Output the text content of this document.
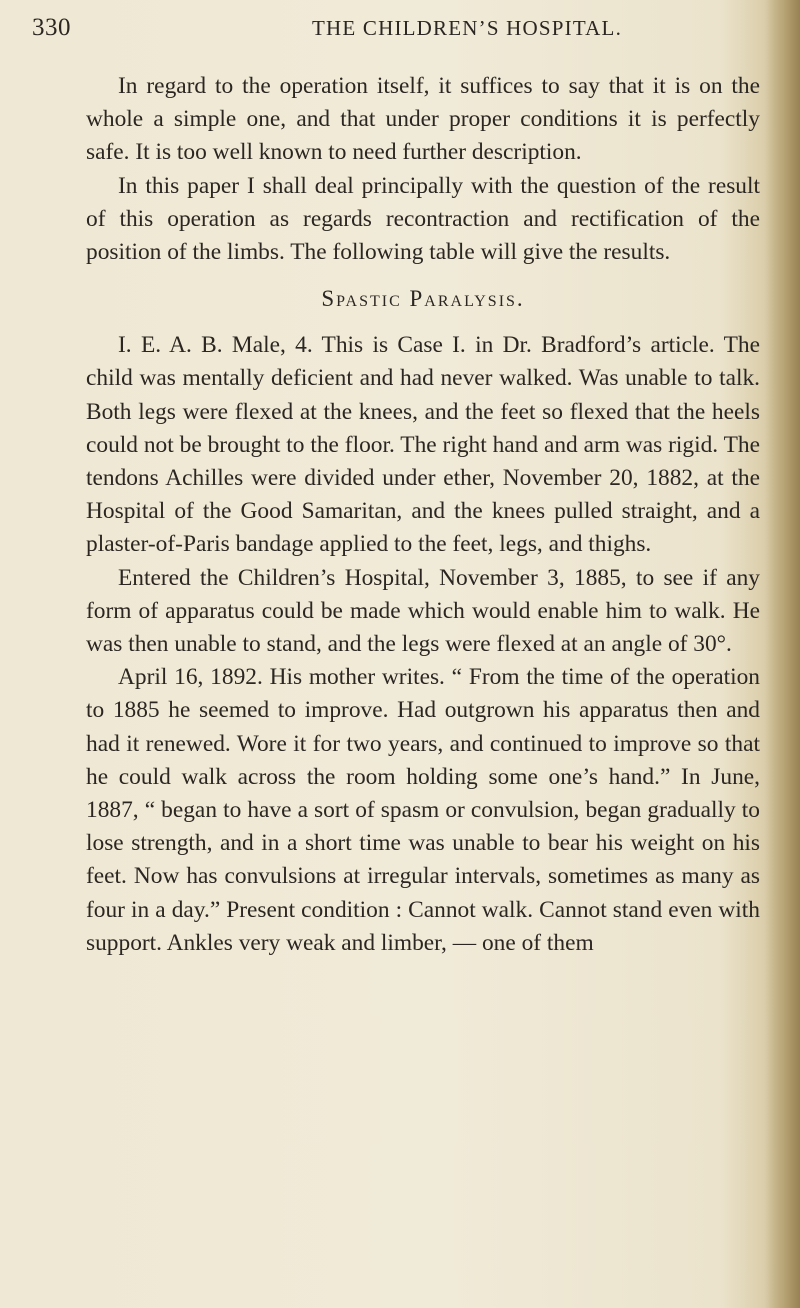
330	THE CHILDREN’S HOSPITAL.

In regard to the operation itself, it suffices to say that it is on the whole a simple one, and that under proper conditions it is perfectly safe. It is too well known to need further description.

In this paper I shall deal principally with the question of the result of this operation as regards recontraction and rectification of the position of the limbs. The following table will give the results.

Spastic Paralysis.

I. E. A. B. Male, 4. This is Case I. in Dr. Bradford’s article. The child was mentally deficient and had never walked. Was unable to talk. Both legs were flexed at the knees, and the feet so flexed that the heels could not be brought to the floor. The right hand and arm was rigid. The tendons Achilles were divided under ether, November 20, 1882, at the Hospital of the Good Samaritan, and the knees pulled straight, and a plaster-of-Paris bandage applied to the feet, legs, and thighs.

Entered the Children’s Hospital, November 3, 1885, to see if any form of apparatus could be made which would enable him to walk. He was then unable to stand, and the legs were flexed at an angle of 30°.

April 16, 1892. His mother writes. “ From the time of the operation to 1885 he seemed to improve. Had outgrown his apparatus then and had it renewed. Wore it for two years, and continued to improve so that he could walk across the room holding some one’s hand.” In June, 1887, “ began to have a sort of spasm or convulsion, began gradually to lose strength, and in a short time was unable to bear his weight on his feet. Now has convulsions at irregular intervals, sometimes as many as four in a day.” Present condition : Cannot walk. Cannot stand even with support. Ankles very weak and limber, — one of them
